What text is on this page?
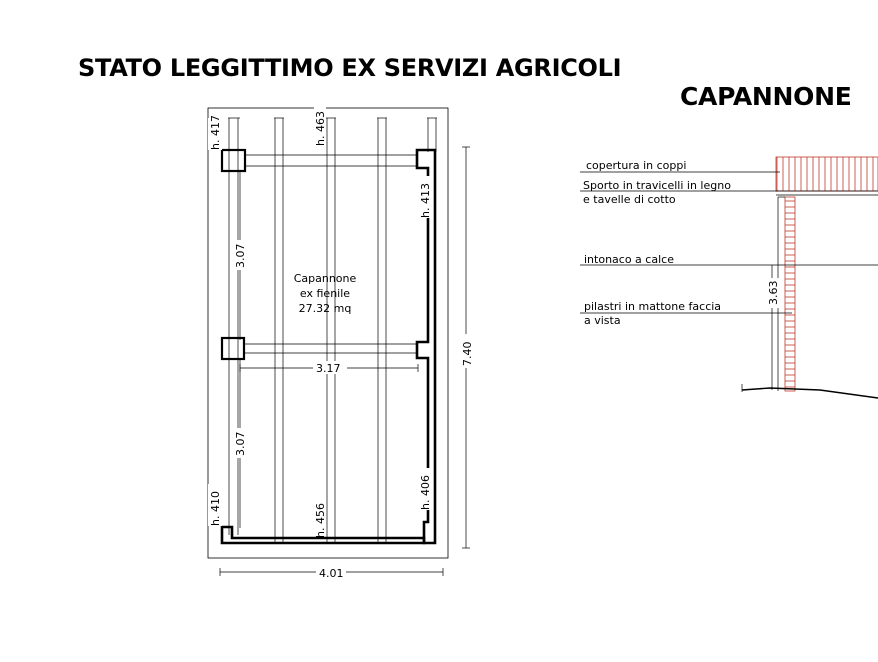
STATO LEGGITTIMO EX SERVIZI AGRICOLI
CAPANNONE
3.17
3.07
3.07
7.40
4.01
h. 417	h. 463
h. 413
h. 410	h. 456
h. 406
Capannone
ex fienile
27.32 mq
3.63
copertura in coppi
Sporto in travicelli in legno
e tavelle di cotto
intonaco a calce
pilastri in mattone faccia
a vista
